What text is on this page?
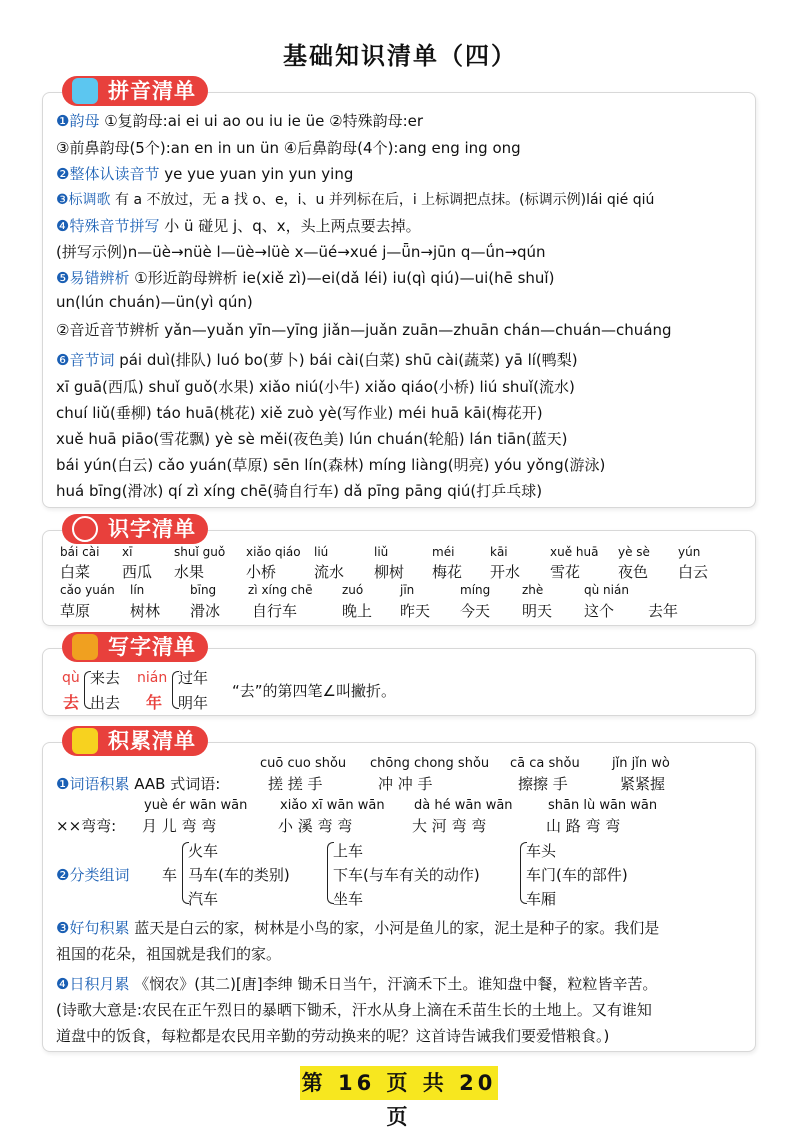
基础知识清单（四）
拼音清单
❶韵母 ①复韵母:ai ei ui ao ou iu ie üe ②特殊韵母:er
③前鼻韵母(5个):an en in un ün ④后鼻韵母(4个):ang eng ing ong
❷整体认读音节 ye yue yuan yin yun ying
❸标调歌 有 a 不放过，无 a 找 o、e，i、u 并列标在后，i 上标调把点抹。(标调示例)lái qié qiú
❹特殊音节拼写 小 ü 碰见 j、q、x，头上两点要去掉。
(拼写示例)n—üè→nüè l—üè→lüè x—üé→xué j—ǖn→jūn q—ǘn→qún
❺易错辨析 ①形近韵母辨析 ie(xiě zì)—ei(dǎ léi) iu(qì qiú)—ui(hē shuǐ)
un(lún chuán)—ün(yì qún)
②音近音节辨析 yǎn—yuǎn yīn—yīng jiǎn—juǎn zuān—zhuān chán—chuán—chuáng
❻音节词 pái duì(排队) luó bo(萝卜) bái cài(白菜) shū cài(蔬菜) yā lí(鸭梨)
xī guā(西瓜) shuǐ guǒ(水果) xiǎo niú(小牛) xiǎo qiáo(小桥) liú shuǐ(流水)
chuí liǔ(垂柳) táo huā(桃花) xiě zuò yè(写作业) méi huā kāi(梅花开)
xuě huā piāo(雪花飘) yè sè měi(夜色美) lún chuán(轮船) lán tiān(蓝天)
bái yún(白云) cǎo yuán(草原) sēn lín(森林) míng liàng(明亮) yóu yǒng(游泳)
huá bīng(滑冰) qí zì xíng chē(骑自行车) dǎ pīng pāng qiú(打乒乓球)
识字清单
bái cài
白菜
xī
西瓜
shuǐ guǒ
水果
xiǎo qiáo
小桥
liú
流水
liǔ
柳树
méi
梅花
kāi
开水
xuě huā
雪花
yè sè
夜色
yún
白云
cǎo yuán
草原
lín
树林
bīng
滑冰
zì xíng chē
自行车
zuó
晚上
jīn
昨天
míng
今天
zhè
明天
qù nián
这个 去年
写字清单
qù
去
来去
出去
nián
年
过年
明年
“去”的第四笔∠叫撇折。
积累清单
❶词语积累 AAB 式词语:
cuō cuo shǒu
搓 搓 手
chōng chong shǒu
冲 冲 手
cā ca shǒu
擦擦 手
jǐn jǐn wò
紧紧握
××弯弯:
yuè ér wān wān
月 儿 弯 弯
xiǎo xī wān wān
小 溪 弯 弯
dà hé wān wān
大 河 弯 弯
shān lù wān wān
山 路 弯 弯
❷分类组词 车
火车
马车(车的类别)
汽车
上车
下车(与车有关的动作)
坐车
车头
车门(车的部件)
车厢
❸好句积累 蓝天是白云的家，树林是小鸟的家，小河是鱼儿的家，泥土是种子的家。我们是
祖国的花朵，祖国就是我们的家。
❹日积月累 《悯农》(其二)[唐]李绅 锄禾日当午，汗滴禾下土。谁知盘中餐，粒粒皆辛苦。
(诗歌大意是:农民在正午烈日的暴晒下锄禾，汗水从身上滴在禾苗生长的土地上。又有谁知
道盘中的饭食，每粒都是农民用辛勤的劳动换来的呢？这首诗告诫我们要爱惜粮食。)
第 16 页 共 20 页
